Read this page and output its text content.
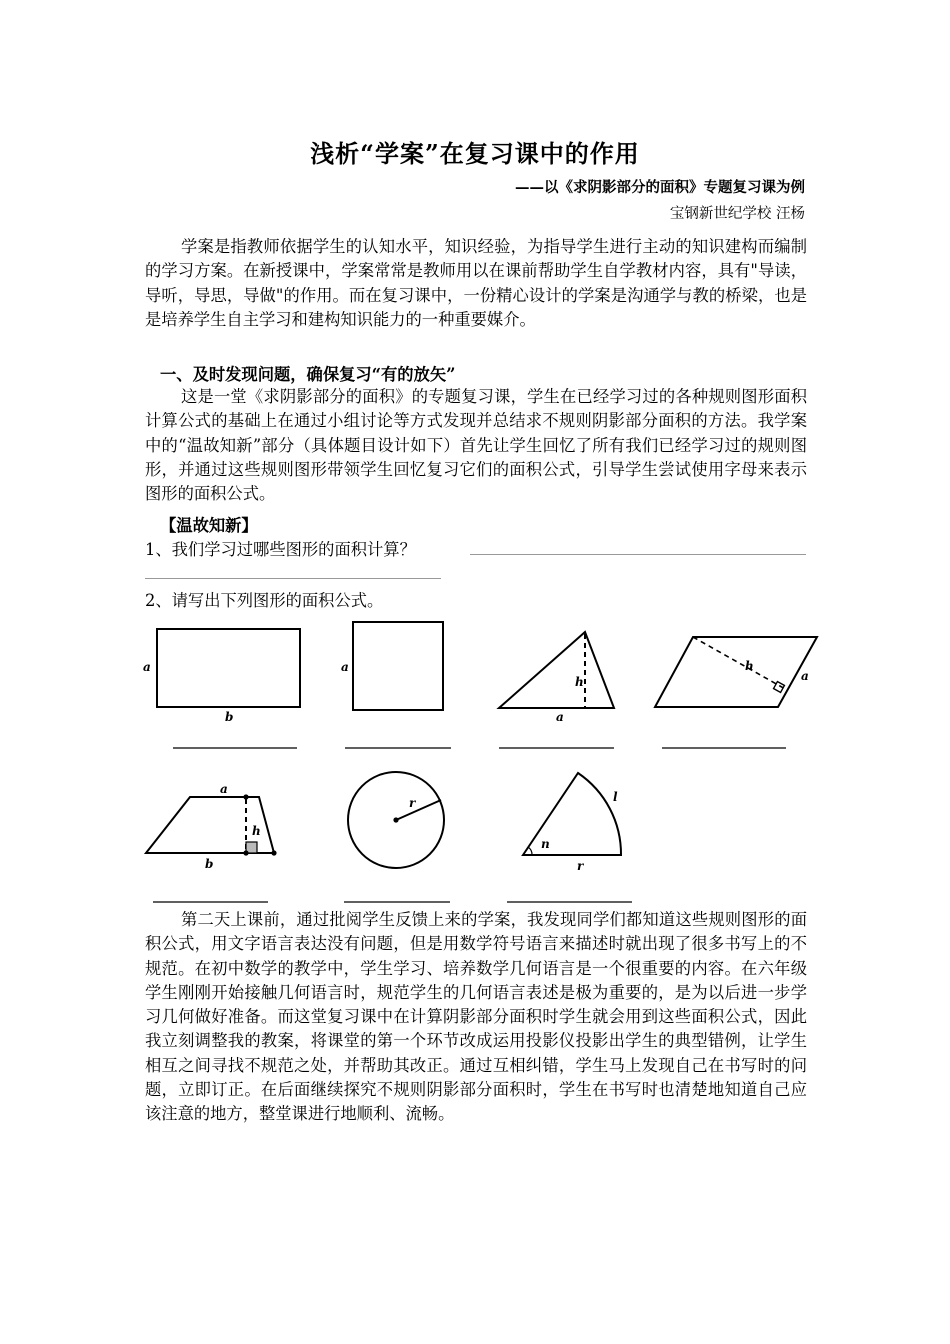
浅析“学案”在复习课中的作用
——以《求阴影部分的面积》专题复习课为例
宝钢新世纪学校 汪杨
学案是指教师依据学生的认知水平，知识经验，为指导学生进行主动的知识建构而编制的学习方案。在新授课中，学案常常是教师用以在课前帮助学生自学教材内容，具有"导读，导听，导思，导做"的作用。而在复习课中，一份精心设计的学案是沟通学与教的桥梁，也是是培养学生自主学习和建构知识能力的一种重要媒介。
一、及时发现问题，确保复习“有的放矢”
这是一堂《求阴影部分的面积》的专题复习课，学生在已经学习过的各种规则图形面积计算公式的基础上在通过小组讨论等方式发现并总结求不规则阴影部分面积的方法。我学案中的“温故知新”部分（具体题目设计如下）首先让学生回忆了所有我们已经学习过的规则图形，并通过这些规则图形带领学生回忆复习它们的面积公式，引导学生尝试使用字母来表示图形的面积公式。
【温故知新】
1、我们学习过哪些图形的面积计算？
2、请写出下列图形的面积公式。
a
b
a
h
a
h
a
a
h
b
r	l
n
r
第二天上课前，通过批阅学生反馈上来的学案，我发现同学们都知道这些规则图形的面积公式，用文字语言表达没有问题，但是用数学符号语言来描述时就出现了很多书写上的不规范。在初中数学的教学中，学生学习、培养数学几何语言是一个很重要的内容。在六年级学生刚刚开始接触几何语言时，规范学生的几何语言表述是极为重要的，是为以后进一步学习几何做好准备。而这堂复习课中在计算阴影部分面积时学生就会用到这些面积公式，因此我立刻调整我的教案，将课堂的第一个环节改成运用投影仪投影出学生的典型错例，让学生相互之间寻找不规范之处，并帮助其改正。通过互相纠错，学生马上发现自己在书写时的问题，立即订正。在后面继续探究不规则阴影部分面积时，学生在书写时也清楚地知道自己应该注意的地方，整堂课进行地顺利、流畅。
